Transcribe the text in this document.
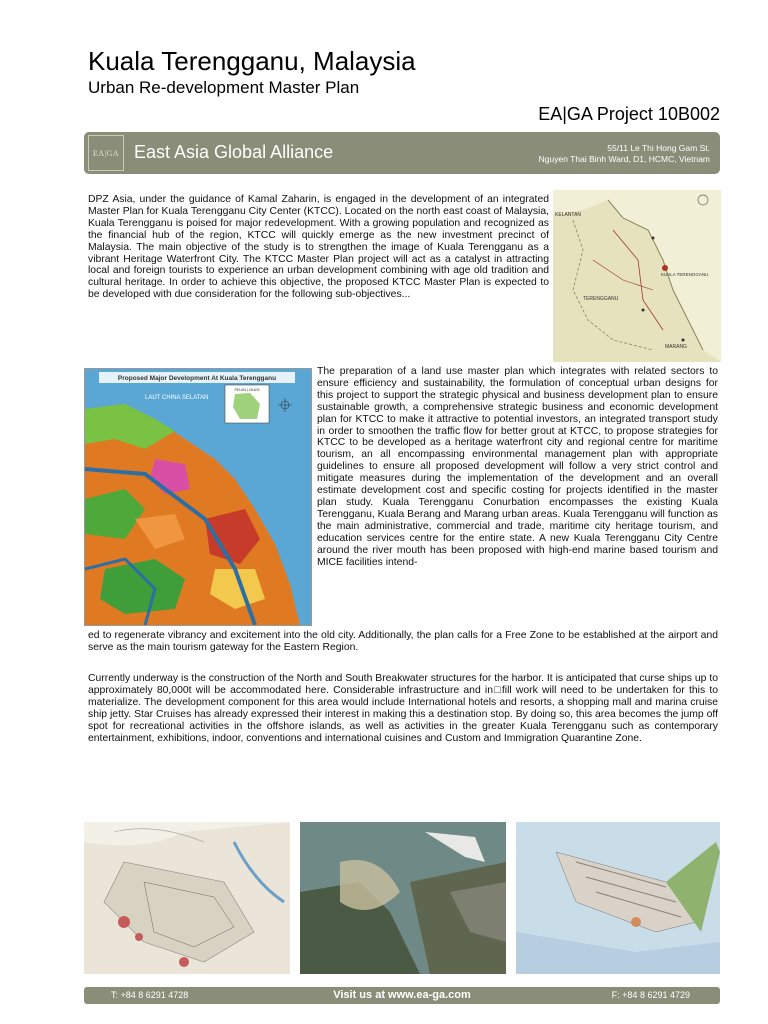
Kuala Terengganu, Malaysia
Urban Re-development Master Plan
EA|GA Project 10B002
EA|GA East Asia Global Alliance	55/11 Le Thi Hong Gam St.
Nguyen Thai Binh Ward, D1, HCMC, Vietnam

DPZ Asia, under the guidance of Kamal Zaharin, is engaged in the development of an integrated Master Plan for Kuala Terengganu City Center (KTCC). Located on the north east coast of Malaysia, Kuala Terengganu is poised for major redevelopment. With a growing population and recognized as the financial hub of the region, KTCC will quickly emerge as the new investment precinct of Malaysia. The main objective of the study is to strengthen the image of Kuala Terengganu as a vibrant Heritage Waterfront City. The KTCC Master Plan project will act as a catalyst in attracting local and foreign tourists to experience an urban development combining with age old tradition and cultural heritage. In order to achieve this objective, the proposed KTCC Master Plan is expected to be developed with due consideration for the following sub-objectives...

KELANTAN
TERENGGANU
KUALA TERENGGANU
MARANG
Proposed Major Development At Kuala Terengganu
LAUT CHINA SELATAN
PELAN LOKASI

The preparation of a land use master plan which integrates with related sectors to ensure efficiency and sustainability, the formulation of conceptual urban designs for this project to support the strategic physical and business development plan to ensure sustainable growth, a comprehensive strategic business and economic development plan for KTCC to make it attractive to potential investors, an integrated transport study in order to smoothen the traffic flow for better grout at KTCC, to propose strategies for KTCC to be developed as a heritage waterfront city and regional centre for maritime tourism, an all encompassing environmental management plan with appropriate guidelines to ensure all proposed development will follow a very strict control and mitigate measures during the implementation of the development and an overall estimate development cost and specific costing for projects identified in the master plan study. Kuala Terengganu Conurbation encompasses the existing Kuala Terengganu, Kuala Berang and Marang urban areas. Kuala Terengganu will function as the main administrative, commercial and trade, maritime city heritage tourism, and education services centre for the entire state. A new Kuala Terengganu City Centre around the river mouth has been proposed with high-end marine based tourism and MICE facilities intend-

ed to regenerate vibrancy and excitement into the old city. Additionally, the plan calls for a Free Zone to be established at the airport and serve as the main tourism gateway for the Eastern Region.

Currently underway is the construction of the North and South Breakwater structures for the harbor. It is anticipated that curse ships up to approximately 80,000t will be accommodated here. Considerable infrastructure and in□fill work will need to be undertaken for this to materialize. The development component for this area would include International hotels and resorts, a shopping mall and marina cruise ship jetty. Star Cruises has already expressed their interest in making this a destination stop. By doing so, this area becomes the jump off spot for recreational activities in the offshore islands, as well as activities in the greater Kuala Terengganu such as contemporary entertainment, exhibitions, indoor, conventions and international cuisines and Custom and Immigration Quarantine Zone.

T: +84 8 6291 4728	Visit us at www.ea-ga.com	F: +84 8 6291 4729
